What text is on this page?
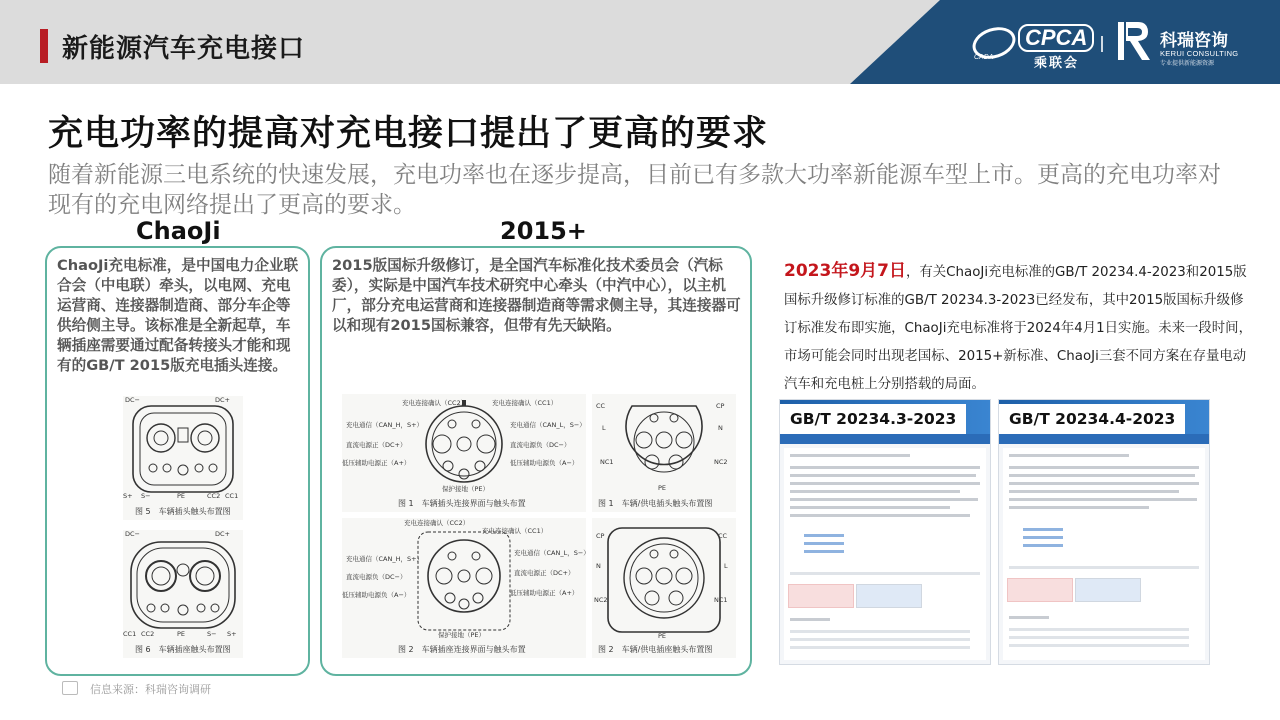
新能源汽车充电接口	CPCA
乘联会
CADA
科瑞咨询
KERUI CONSULTING
专业提供新能源资源
充电功率的提高对充电接口提出了更高的要求
随着新能源三电系统的快速发展，充电功率也在逐步提高，目前已有多款大功率新能源车型上市。更高的充电功率对现有的充电网络提出了更高的要求。
ChaoJi
ChaoJi充电标准，是中国电力企业联合会（中电联）牵头，以电网、充电运营商、连接器制造商、部分车企等供给侧主导。该标准是全新起草，车辆插座需要通过配备转接头才能和现有的GB/T 2015版充电插头连接。
DC−	DC+
S+ S−	PE	CC2 CC1
图 5　车辆插头触头布置图
DC−	DC+
CC1 CC2	PE	S− S+
图 6　车辆插座触头布置图
2015+
2015版国标升级修订，是全国汽车标准化技术委员会（汽标委），实际是中国汽车技术研究中心牵头（中汽中心），以主机厂，部分充电运营商和连接器制造商等需求侧主导，其连接器可以和现有2015国标兼容，但带有先天缺陷。
充电通信（CAN_H，S+）
直流电源正（DC+）
低压辅助电源正（A+）
充电连接确认（CC1）
充电通信（CAN_L，S−）
直流电源负（DC−）
低压辅助电源负（A−）
充电连接确认（CC2）
保护接地（PE）
图 1　车辆插头连接界面与触头布置
充电连接确认（CC2）
充电通信（CAN_H，S+）
直流电源负（DC−）
低压辅助电源负（A−）
充电连接确认（CC1）
充电通信（CAN_L，S−）
直流电源正（DC+）
低压辅助电源正（A+）
保护接地（PE）
图 2　车辆插座连接界面与触头布置
CC	CP
L	N
NC1	NC2
PE
图 1　车辆/供电插头触头布置图
CP	CC
N	L
NC2	NC1
PE
图 2　车辆/供电插座触头布置图
2023年9月7日，有关ChaoJi充电标准的GB/T 20234.4-2023和2015版国标升级修订标准的GB/T 20234.3-2023已经发布，其中2015版国标升级修订标准发布即实施，ChaoJi充电标准将于2024年4月1日实施。未来一段时间，市场可能会同时出现老国标、2015+新标准、ChaoJi三套不同方案在存量电动汽车和充电桩上分别搭载的局面。
GB/T 20234.3-2023	GB/T 20234.4-2023
信息来源：科瑞咨询调研
